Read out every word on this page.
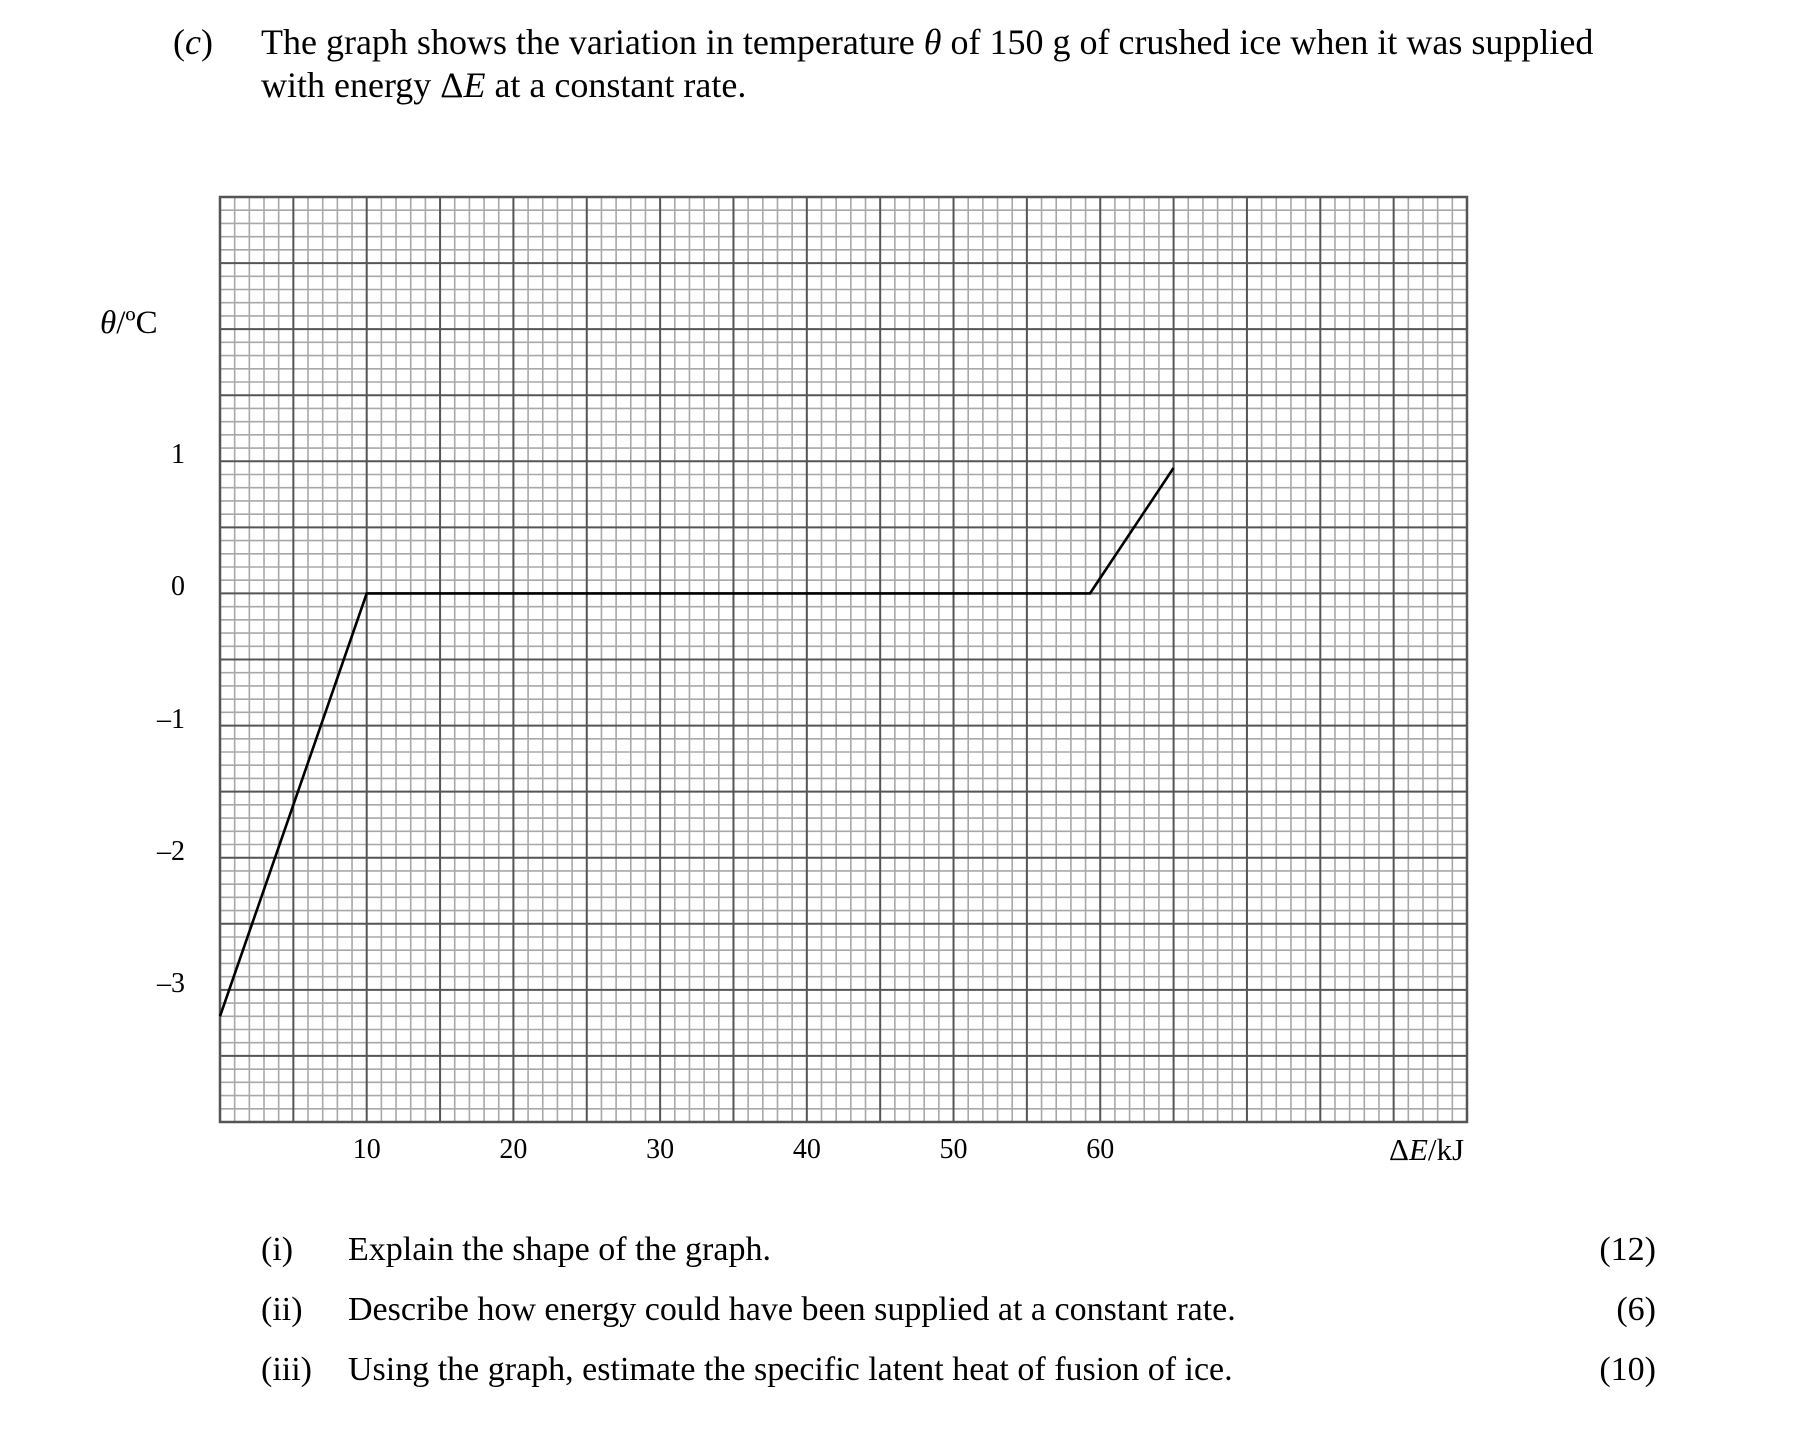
(c) The graph shows the variation in temperature θ of 150 g of crushed ice when it was supplied
with energy ΔE at a constant rate.
θ/ºC
ΔE/kJ
1
0
–1
–2
–3
10	20	30	40	50	60
(i) Explain the shape of the graph.	(12)
(ii) Describe how energy could have been supplied at a constant rate.	(6)
(iii) Using the graph, estimate the specific latent heat of fusion of ice.	(10)
